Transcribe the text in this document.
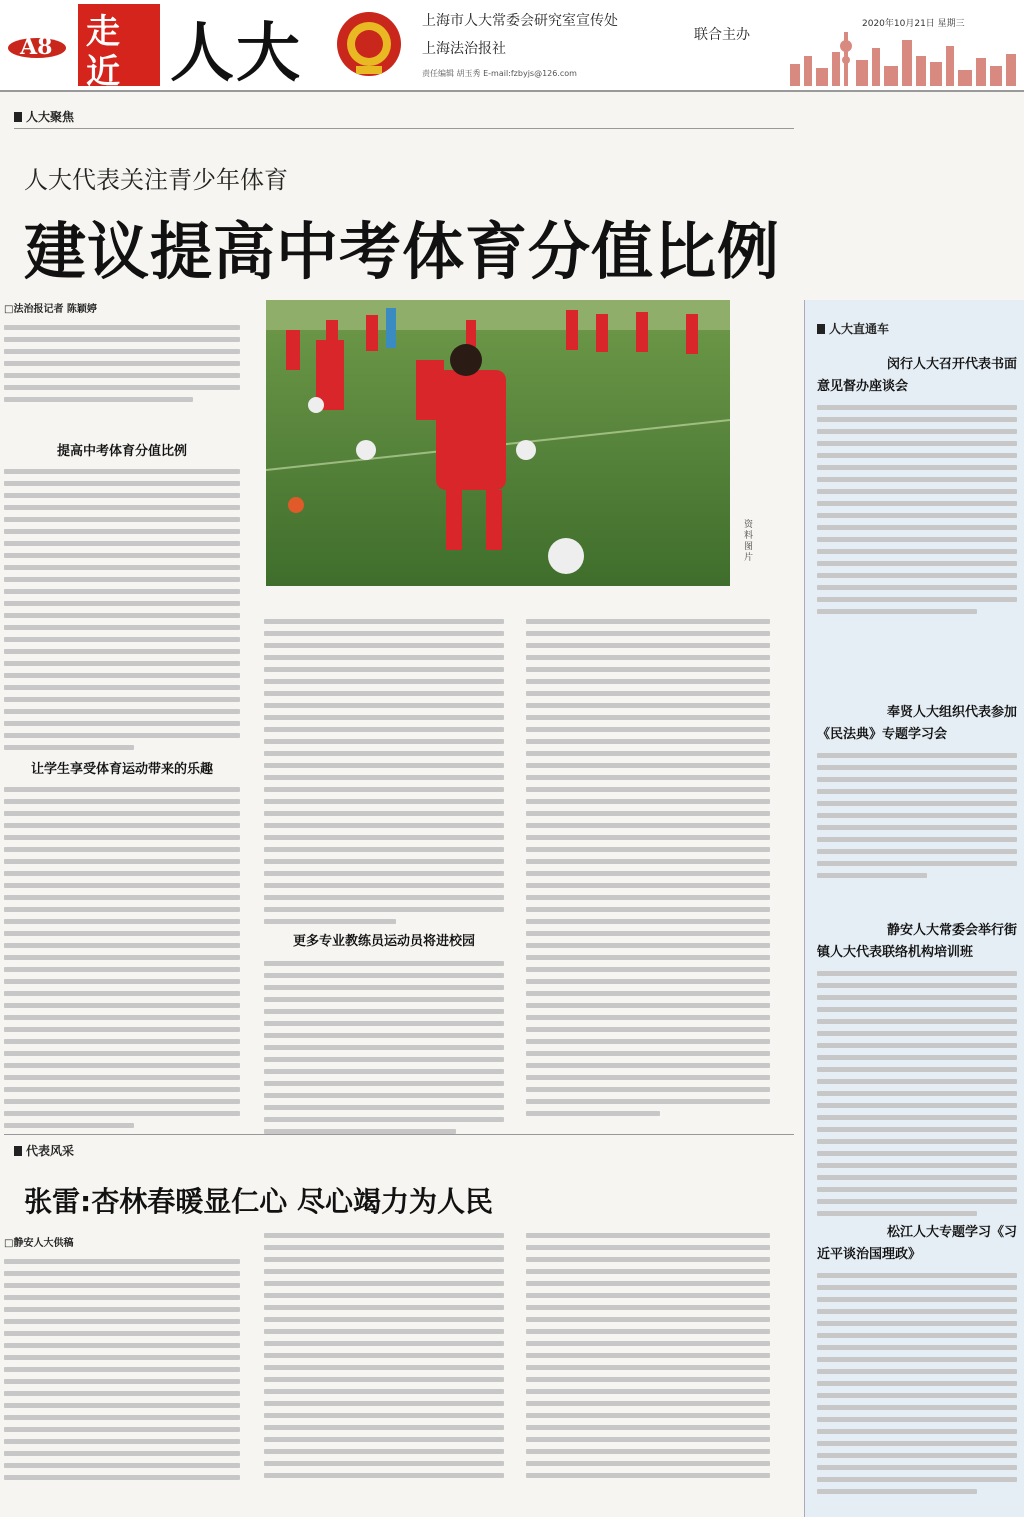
A8 走
近 人大	上海市人大常委会研究室宣传处
上海法治报社
联合主办
责任编辑 胡玉秀 E-mail:fzbyjs@126.com
2020年10月21日 星期三
人大聚焦
人大代表关注青少年体育
建议提高中考体育分值比例
□法治报记者 陈颖婷
提高中考体育分值比例
让学生享受体育运动带来的乐趣
资料图片
更多专业教练员运动员将进校园
人大直通车
闵行人大召开代表书面
意见督办座谈会
奉贤人大组织代表参加
《民法典》专题学习会
静安人大常委会举行街
镇人大代表联络机构培训班
松江人大专题学习《习
近平谈治国理政》
代表风采
张雷:杏林春暖显仁心 尽心竭力为人民
□静安人大供稿
